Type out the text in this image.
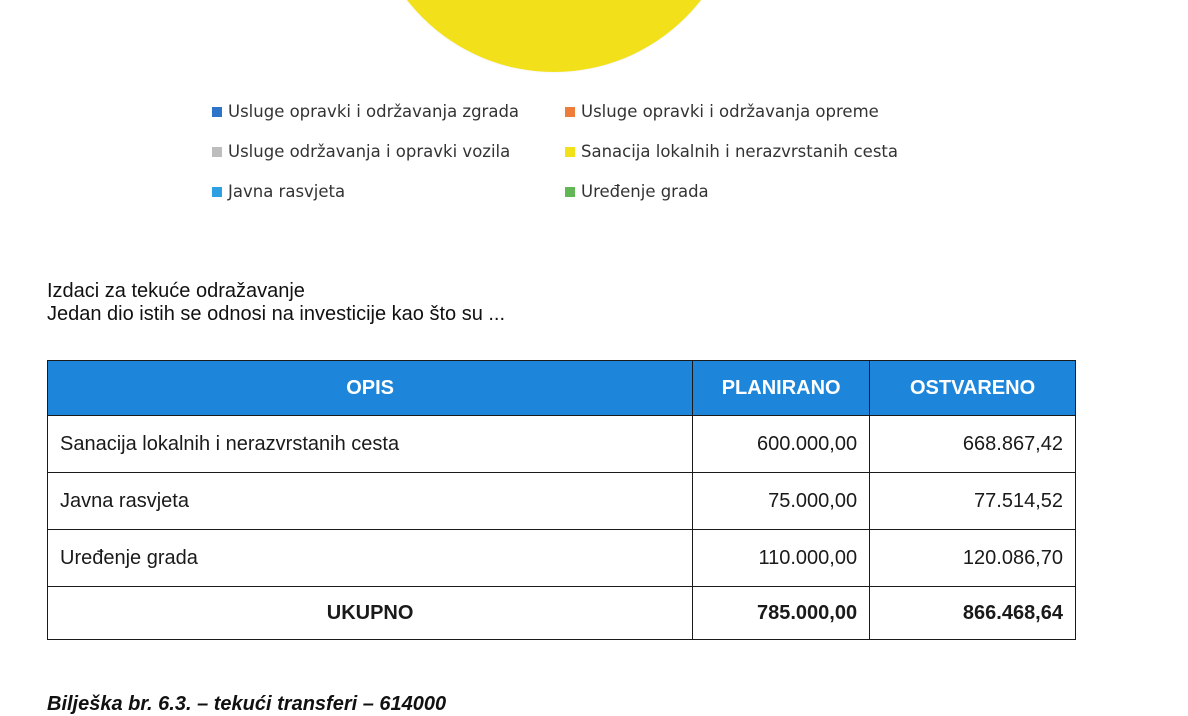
Usluge opravki i održavanja zgrada	Usluge opravki i održavanja opreme
Usluge održavanja i opravki vozila	Sanacija lokalnih i nerazvrstanih cesta
Javna rasvjeta	Uređenje grada
Izdaci za tekuće odražavanje
Jedan dio istih se odnosi na investicije kao što su ...
OPIS	PLANIRANO	OSTVARENO
Sanacija lokalnih i nerazvrstanih cesta	600.000,00	668.867,42
Javna rasvjeta	75.000,00	77.514,52
Uređenje grada	110.000,00	120.086,70
UKUPNO	785.000,00	866.468,64
Bilješka br. 6.3. – tekući transferi – 614000
